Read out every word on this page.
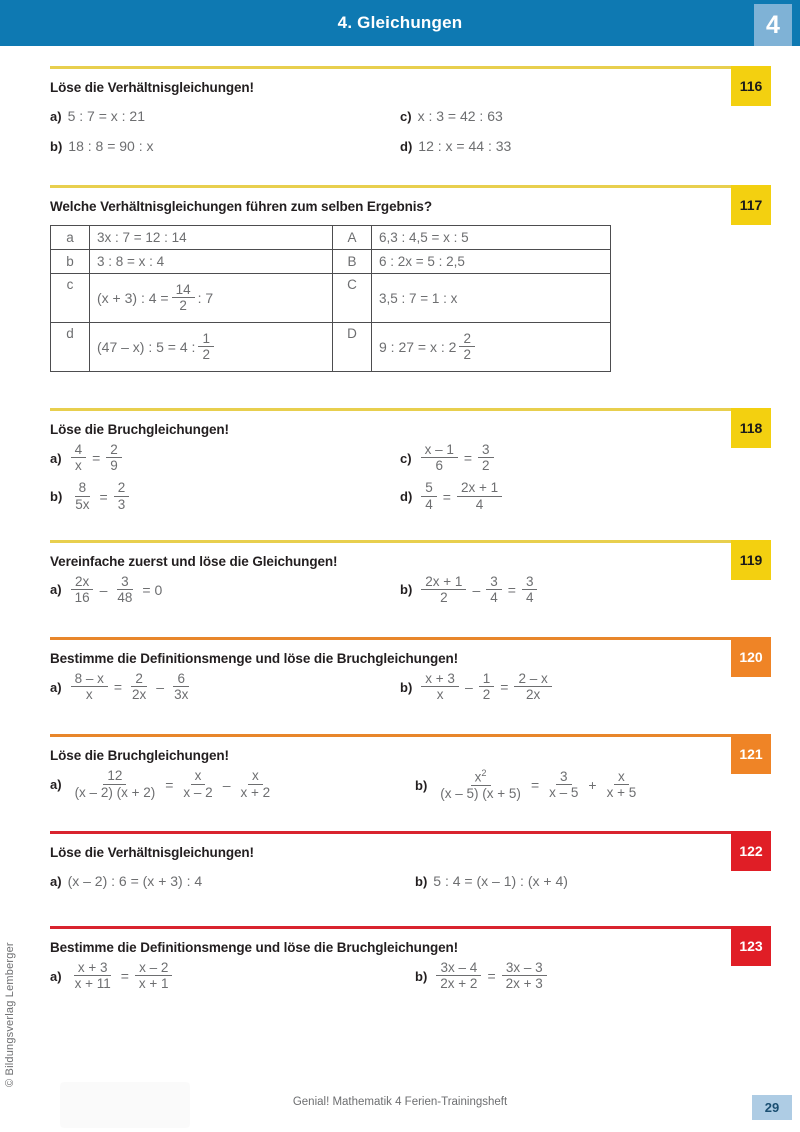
4. Gleichungen	4
© Bildungsverlag Lemberger
116
Löse die Verhältnisgleichungen!
a) 5 : 7 = x : 21	c) x : 3 = 42 : 63
b) 18 : 8 = 90 : x	d) 12 : x = 44 : 33
117
Welche Verhältnisgleichungen führen zum selben Ergebnis?
a	3x : 7 = 12 : 14	A	6,3 : 4,5 = x : 5
b	3 : 8 = x : 4	B	6 : 2x = 5 : 2,5
c	(x + 3) : $4 = \frac{14}{2}$ : 7	C	3,5 : 7 = 1 : x
d	(47 – x) : 5 = 4 : $\frac{1}{2}$	D	9 : 27 = x : $2 \frac{2}{2}$
118
Löse die Bruchgleichungen!
$a) \frac{4}{x} = \frac{2}{9}$	$c) \frac{x - 1}{6} = \frac{3}{2}$
$b) \frac{8}{5x} = \frac{2}{3}$	$d) \frac{5}{4} = \frac{2x + 1}{4}$
119
Vereinfache zuerst und löse die Gleichungen!
$a) \frac{2x}{16} - \frac{3}{48} = 0$	$b) \frac{2x + 1}{2} - \frac{3}{4} = \frac{3}{4}$
120
Bestimme die Definitionsmenge und löse die Bruchgleichungen!
$a) \frac{8 - x}{x} = \frac{2}{2x} - \frac{6}{3x}$	$b) \frac{x + 3}{x} - \frac{1}{2} = \frac{2 - x}{2x}$
121
Löse die Bruchgleichungen!
$a) \frac{12}{(x - 2) (x + 2)} = \frac{x}{x - 2} - \frac{x}{x + 2}$	$b) \frac{x^2}{(x - 5) (x + 5)} = \frac{3}{x - 5} + \frac{x}{x + 5}$
122
Löse die Verhältnisgleichungen!
a) (x – 2) : 6 = (x + 3) : 4	b) 5 : 4 = (x – 1) : (x + 4)
123
Bestimme die Definitionsmenge und löse die Bruchgleichungen!
$a) \frac{x + 3}{x + 11} = \frac{x - 2}{x + 1}$	$b) \frac{3x - 4}{2x + 2} = \frac{3x - 3}{2x + 3}$
Genial! Mathematik 4 Ferien-Trainingsheft	29
